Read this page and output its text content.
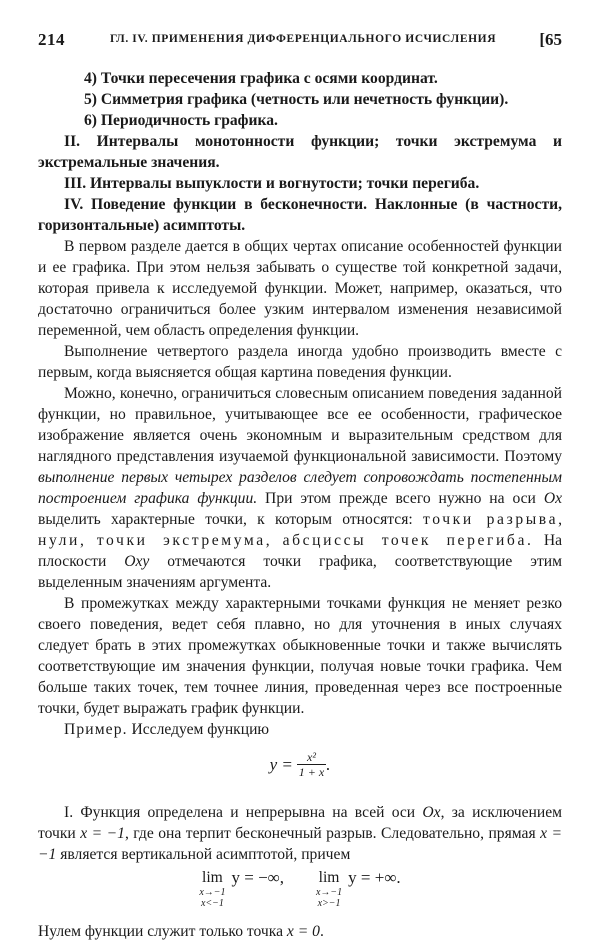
214	ГЛ. IV. ПРИМЕНЕНИЯ ДИФФЕРЕНЦИАЛЬНОГО ИСЧИСЛЕНИЯ	[65

4) Точки пересечения графика с осями координат.

5) Симметрия графика (четность или нечетность функции).

6) Периодичность графика.

II. Интервалы монотонности функции; точки экстремума и экстремальные значения.

III. Интервалы выпуклости и вогнутости; точки перегиба.

IV. Поведение функции в бесконечности. Наклонные (в частности, горизонтальные) асимптоты.

В первом разделе дается в общих чертах описание особенностей функции и ее графика. При этом нельзя забывать о существе той конкретной задачи, которая привела к исследуемой функции. Может, например, оказаться, что достаточно ограничиться более узким интервалом изменения независимой переменной, чем область определения функции.

Выполнение четвертого раздела иногда удобно производить вместе с первым, когда выясняется общая картина поведения функции.

Можно, конечно, ограничиться словесным описанием поведения заданной функции, но правильное, учитывающее все ее особенности, графическое изображение является очень экономным и выразительным средством для наглядного представления изучаемой функциональной зависимости. Поэтому выполнение первых четырех разделов следует сопровождать постепенным построением графика функции. При этом прежде всего нужно на оси Ox выделить характерные точки, к которым относятся: точки разрыва, нули, точки экстремума, абсциссы точек перегиба. На плоскости Oxy отмечаются точки графика, соответствующие этим выделенным значениям аргумента.

В промежутках между характерными точками функция не меняет резко своего поведения, ведет себя плавно, но для уточнения в иных случаях следует брать в этих промежутках обыкновенные точки и также вычислять соответствующие им значения функции, получая новые точки графика. Чем больше таких точек, тем точнее линия, проведенная через все построенные точки, будет выражать график функции.

Пример. Исследуем функцию

$y = \frac{\text{x²}}{1 + x}$ .

I. Функция определена и непрерывна на всей оси Ox, за исключением точки x = −1, где она терпит бесконечный разрыв. Следовательно, прямая x = −1 является вертикальной асимптотой, причем

lim
x→−1
x<−1
y = −∞, lim
x→−1
x>−1
y = +∞.

Нулем функции служит только точка x = 0.
